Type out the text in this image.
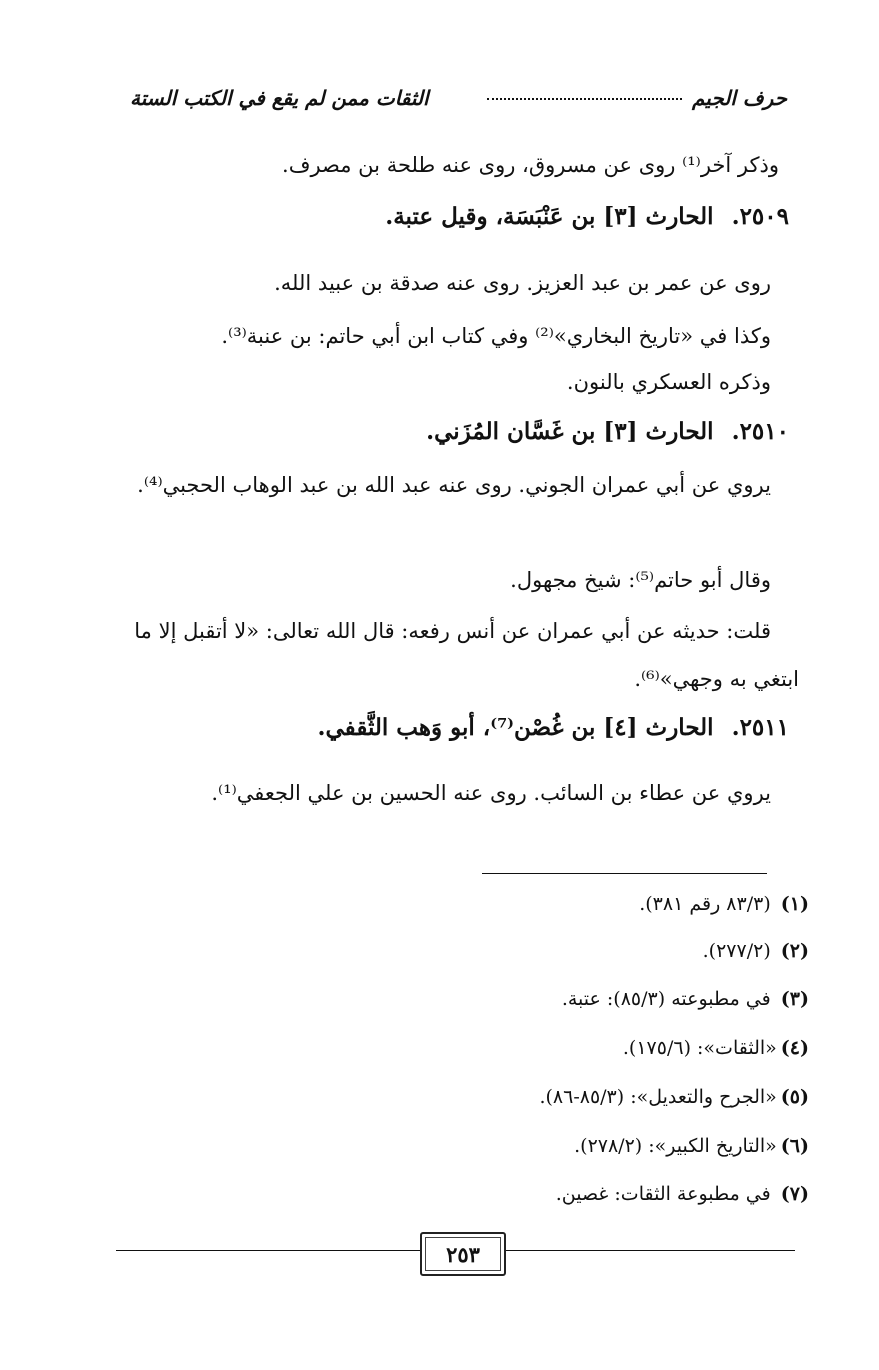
حرف الجيم
الثقات ممن لم يقع في الكتب الستة
وذكر آخر⁽¹⁾ روى عن مسروق، روى عنه طلحة بن مصرف.
٢٥٠٩.الحارث [٣] بن عَنْبَسَة، وقيل عتبة.
روى عن عمر بن عبد العزيز. روى عنه صدقة بن عبيد الله.
وكذا في «تاريخ البخاري»⁽²⁾ وفي كتاب ابن أبي حاتم: بن عنبة⁽³⁾.
وذكره العسكري بالنون.
٢٥١٠.الحارث [٣] بن غَسَّان المُزَني.
يروي عن أبي عمران الجوني. روى عنه عبد الله بن عبد الوهاب الحجبي⁽⁴⁾.
وقال أبو حاتم⁽⁵⁾: شيخ مجهول.
قلت: حديثه عن أبي عمران عن أنس رفعه: قال الله تعالى: «لا أتقبل إلا ما
ابتغي به وجهي»⁽⁶⁾.
٢٥١١.الحارث [٤] بن غُصْن⁽⁷⁾، أبو وَهب الثَّقفي.
يروي عن عطاء بن السائب. روى عنه الحسين بن علي الجعفي⁽¹⁾.
(١) (٨٣/٣ رقم ٣٨١).
(٢) (٢٧٧/٢).
(٣) في مطبوعته (٨٥/٣): عتبة.
(٤)«الثقات»: (١٧٥/٦).
(٥)«الجرح والتعديل»: (٨٥/٣-٨٦).
(٦)«التاريخ الكبير»: (٢٧٨/٢).
(٧) في مطبوعة الثقات: غصين.
٢٥٣
